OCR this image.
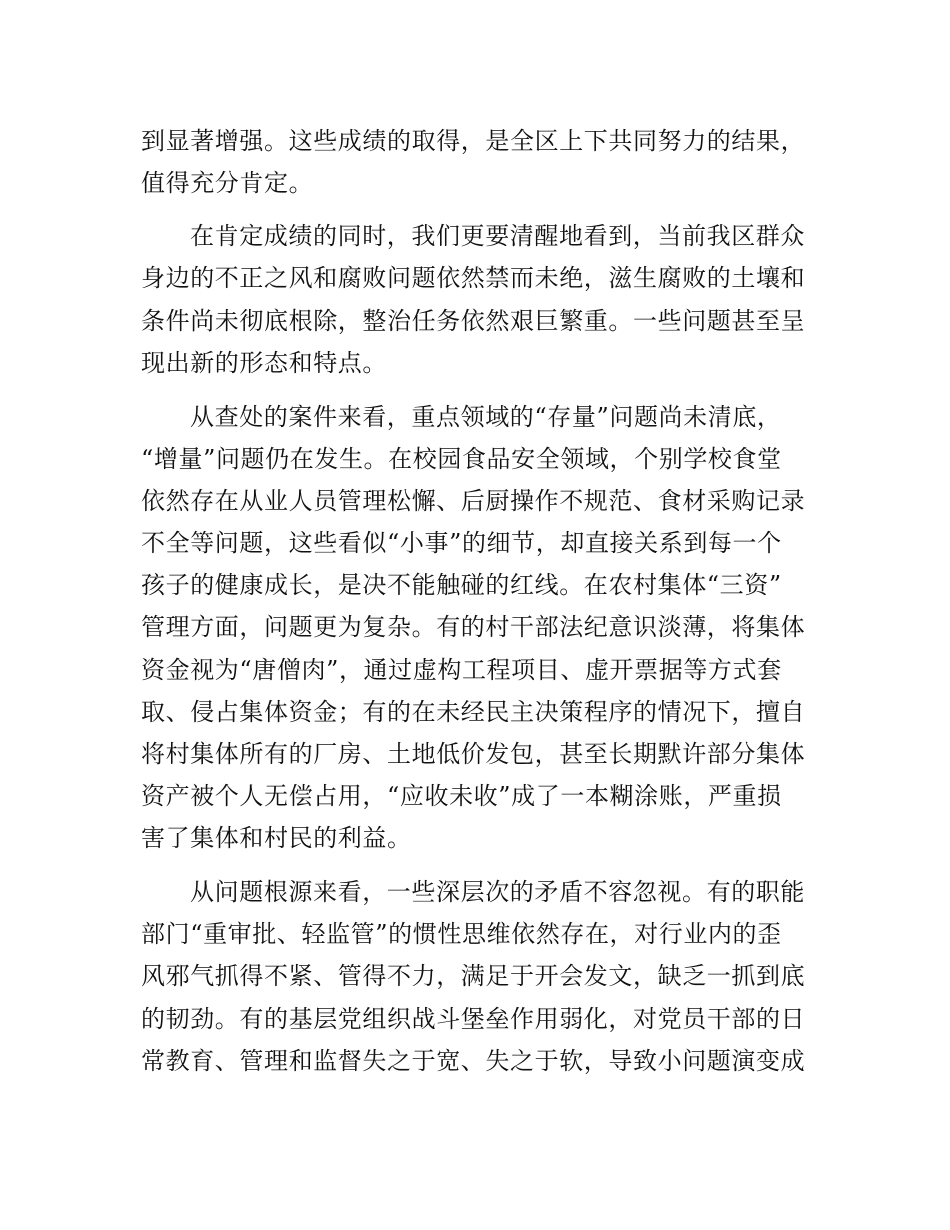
到显著增强。这些成绩的取得，是全区上下共同努力的结果，

值得充分肯定。

在肯定成绩的同时，我们更要清醒地看到，当前我区群众

身边的不正之风和腐败问题依然禁而未绝，滋生腐败的土壤和

条件尚未彻底根除，整治任务依然艰巨繁重。一些问题甚至呈

现出新的形态和特点。

从查处的案件来看，重点领域的“存量”问题尚未清底，

“增量”问题仍在发生。在校园食品安全领域，个别学校食堂

依然存在从业人员管理松懈、后厨操作不规范、食材采购记录

不全等问题，这些看似“小事”的细节，却直接关系到每一个

孩子的健康成长，是决不能触碰的红线。在农村集体“三资”

管理方面，问题更为复杂。有的村干部法纪意识淡薄，将集体

资金视为“唐僧肉”，通过虚构工程项目、虚开票据等方式套

取、侵占集体资金；有的在未经民主决策程序的情况下，擅自

将村集体所有的厂房、土地低价发包，甚至长期默许部分集体

资产被个人无偿占用，“应收未收”成了一本糊涂账，严重损

害了集体和村民的利益。

从问题根源来看，一些深层次的矛盾不容忽视。有的职能

部门“重审批、轻监管”的惯性思维依然存在，对行业内的歪

风邪气抓得不紧、管得不力，满足于开会发文，缺乏一抓到底

的韧劲。有的基层党组织战斗堡垒作用弱化，对党员干部的日

常教育、管理和监督失之于宽、失之于软，导致小问题演变成
